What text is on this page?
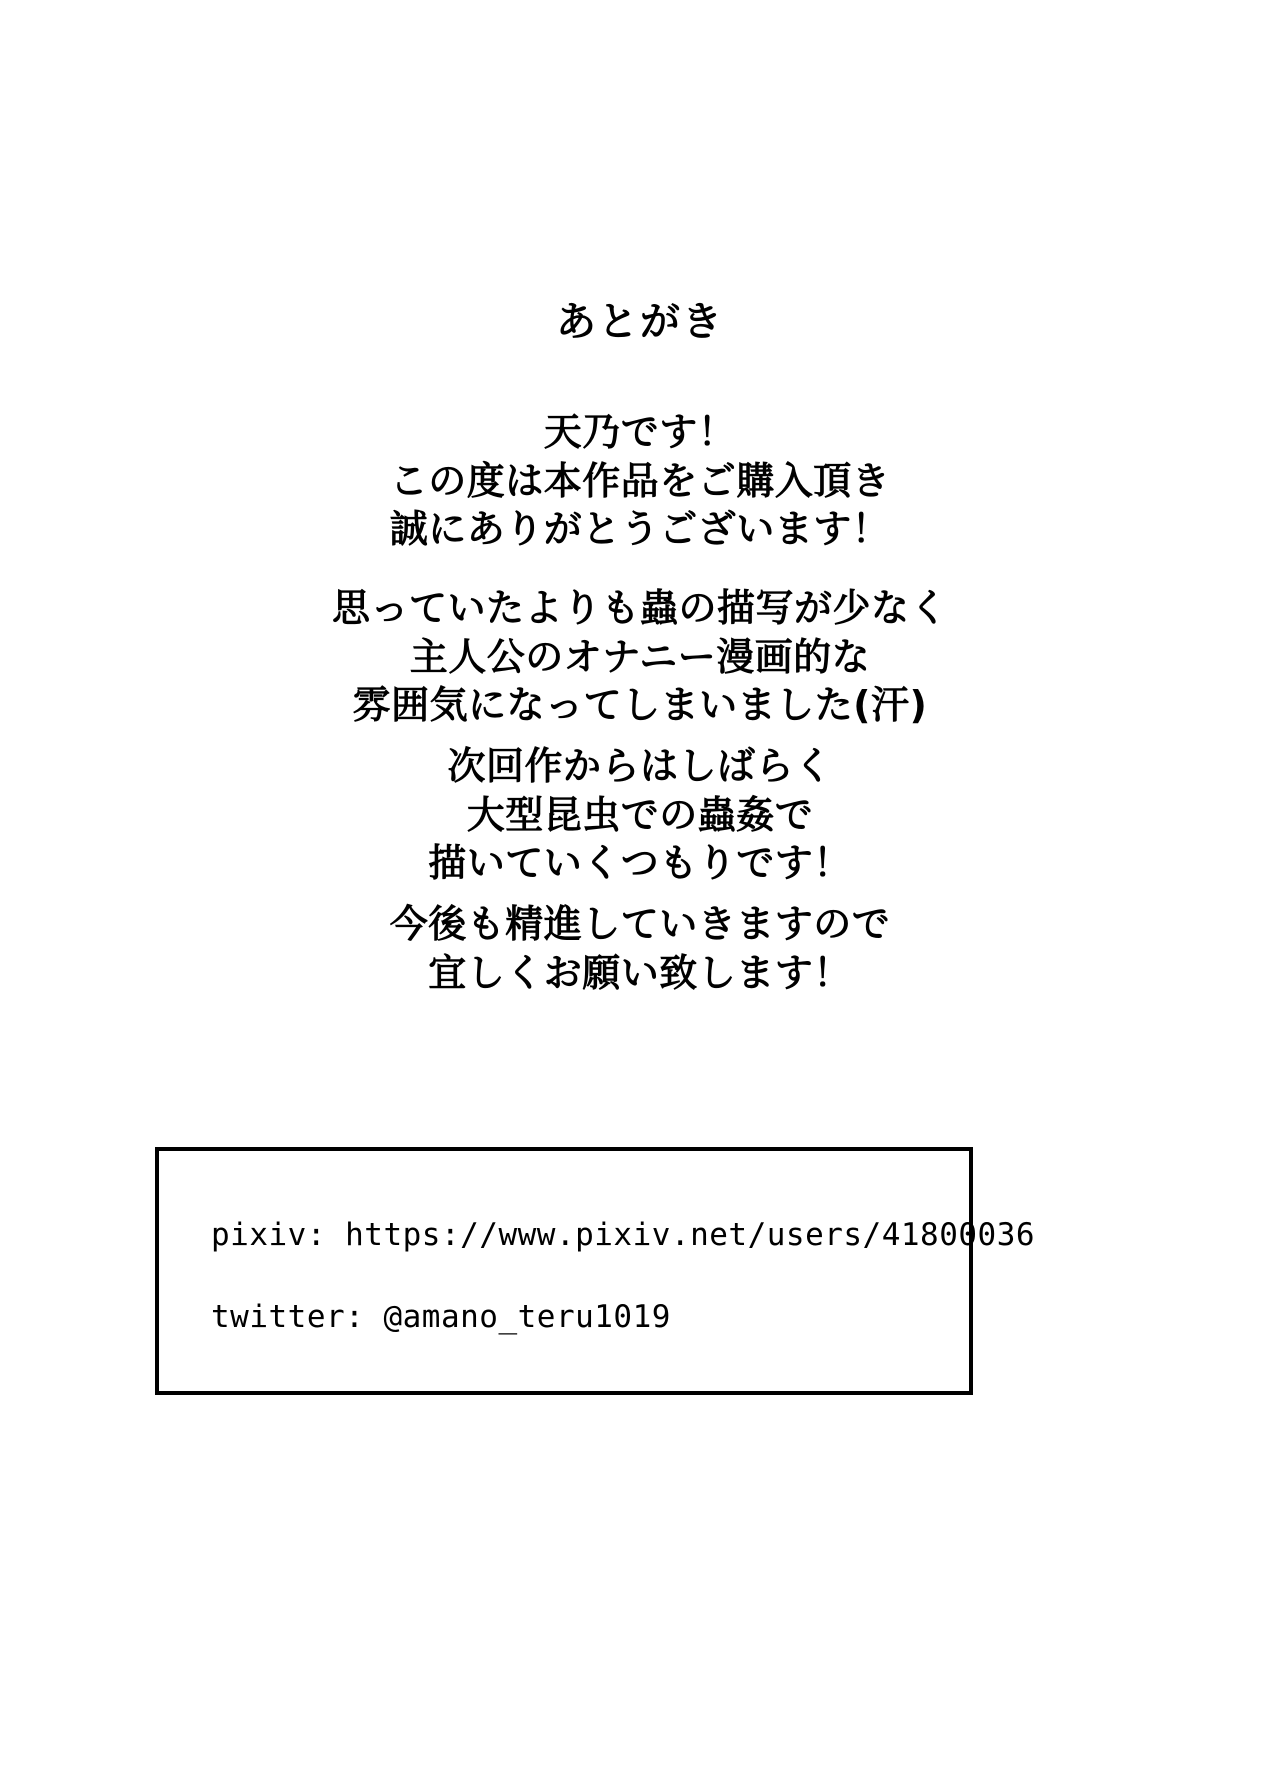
あとがき
天乃です！
この度は本作品をご購入頂き
誠にありがとうございます！
思っていたよりも蟲の描写が少なく
主人公のオナニー漫画的な
雰囲気になってしまいました(汗)
次回作からはしばらく
大型昆虫での蟲姦で
描いていくつもりです！
今後も精進していきますので
宜しくお願い致します！
pixiv: https://www.pixiv.net/users/41800036
twitter: @amano_teru1019
